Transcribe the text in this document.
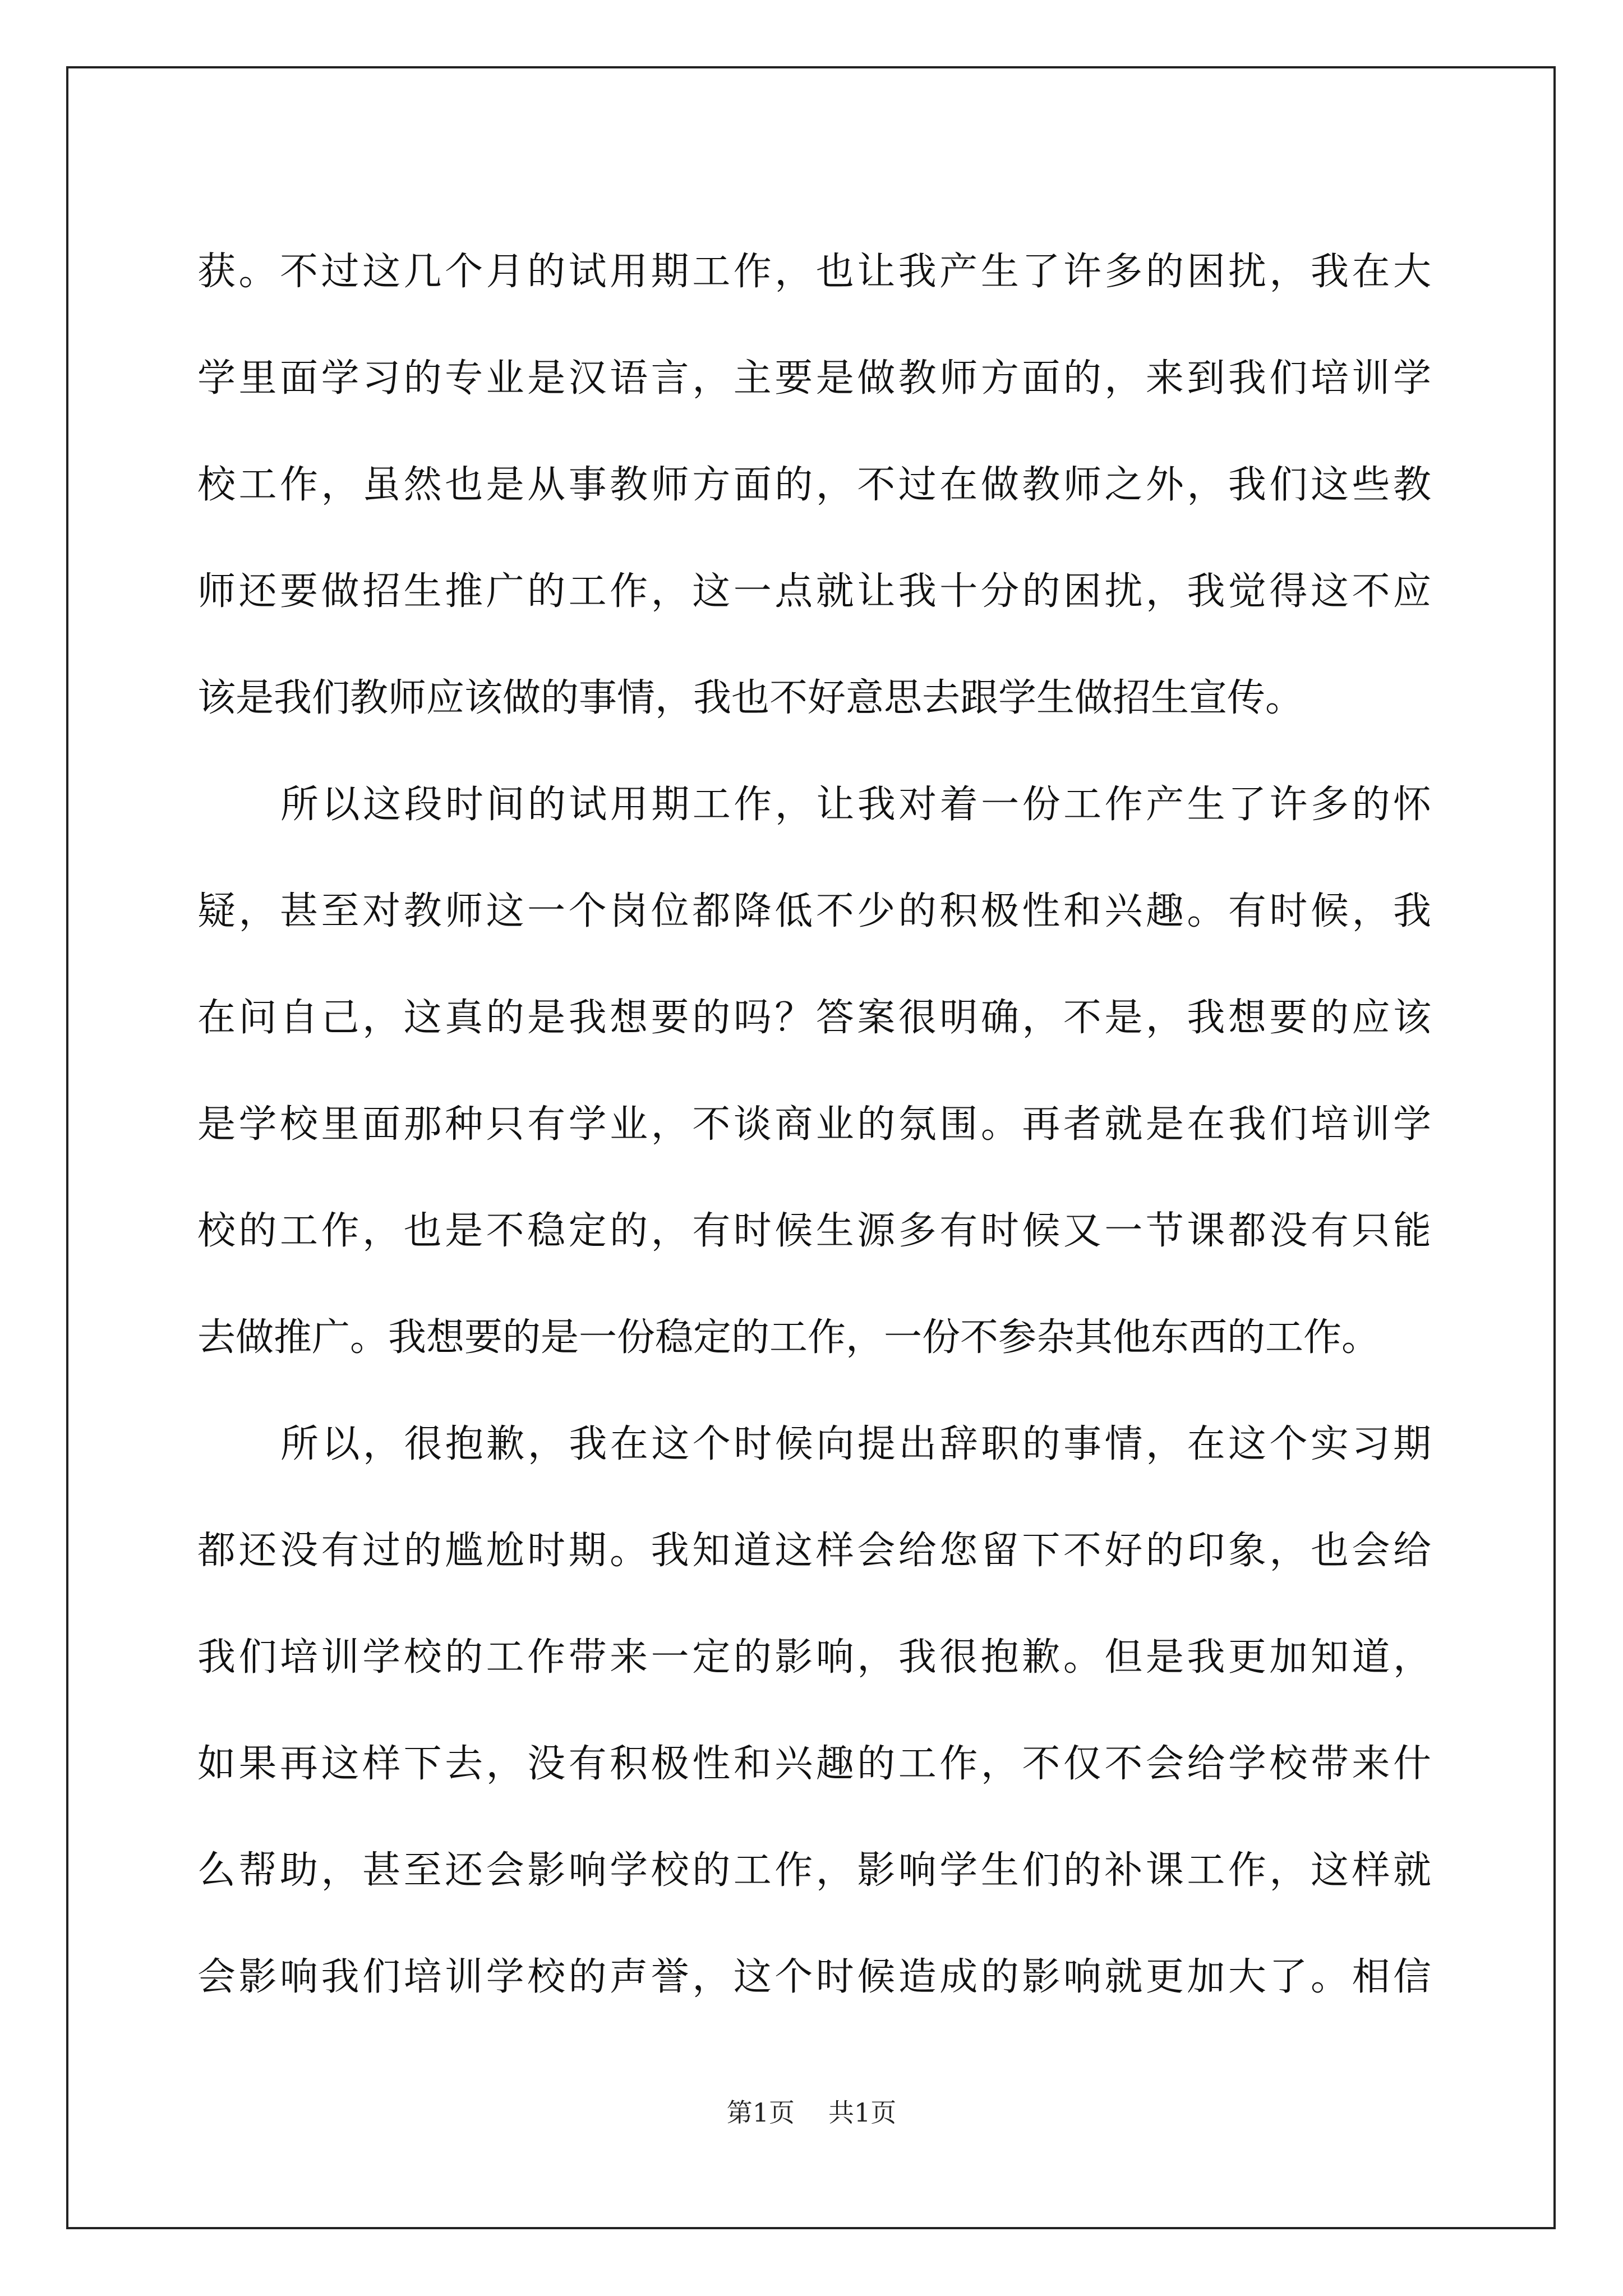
获。不过这几个月的试用期工作，也让我产生了许多的困扰，我在大
学里面学习的专业是汉语言，主要是做教师方面的，来到我们培训学
校工作，虽然也是从事教师方面的，不过在做教师之外，我们这些教
师还要做招生推广的工作，这一点就让我十分的困扰，我觉得这不应
该是我们教师应该做的事情，我也不好意思去跟学生做招生宣传。
所以这段时间的试用期工作，让我对着一份工作产生了许多的怀
疑，甚至对教师这一个岗位都降低不少的积极性和兴趣。有时候，我
在问自己，这真的是我想要的吗？答案很明确，不是，我想要的应该
是学校里面那种只有学业，不谈商业的氛围。再者就是在我们培训学
校的工作，也是不稳定的，有时候生源多有时候又一节课都没有只能
去做推广。我想要的是一份稳定的工作，一份不参杂其他东西的工作。
所以，很抱歉，我在这个时候向提出辞职的事情，在这个实习期
都还没有过的尴尬时期。我知道这样会给您留下不好的印象，也会给
我们培训学校的工作带来一定的影响，我很抱歉。但是我更加知道，
如果再这样下去，没有积极性和兴趣的工作，不仅不会给学校带来什
么帮助，甚至还会影响学校的工作，影响学生们的补课工作，这样就
会影响我们培训学校的声誉，这个时候造成的影响就更加大了。相信
第1页 共1页
